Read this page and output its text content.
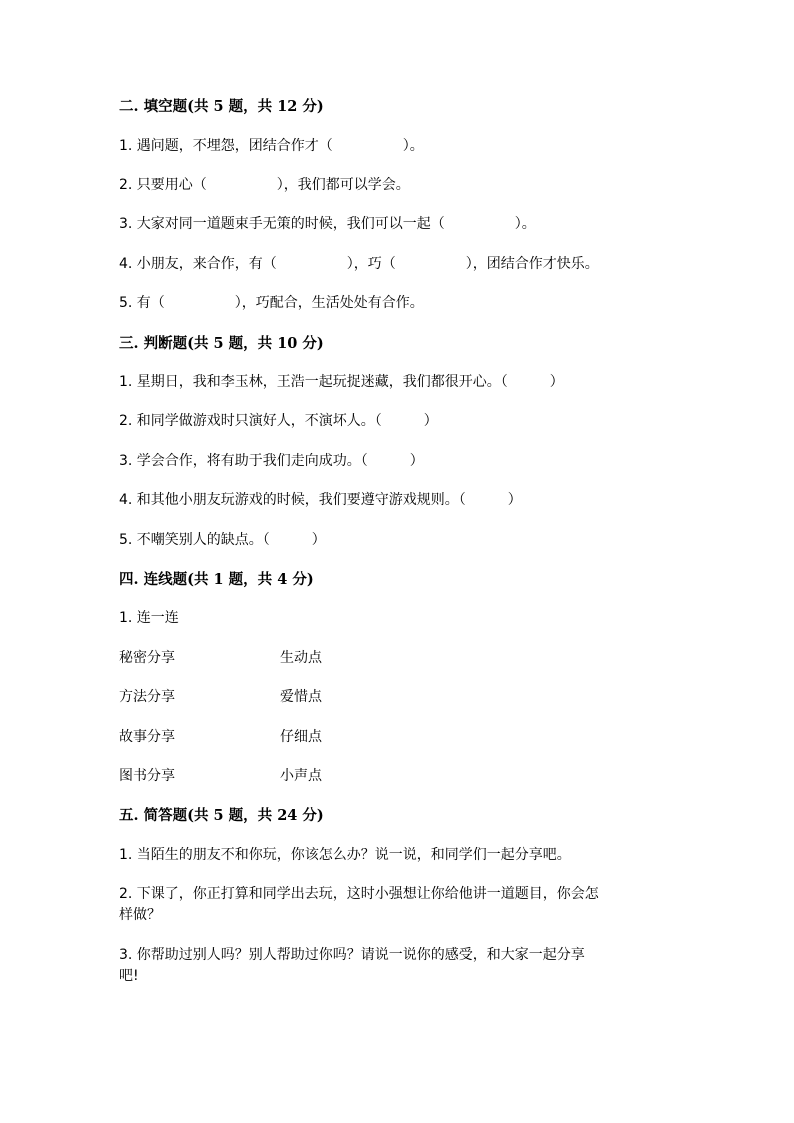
二. 填空题(共 5 题，共 12 分)
1. 遇问题，不埋怨，团结合作才（　　　　　）。
2. 只要用心（　　　　　），我们都可以学会。
3. 大家对同一道题束手无策的时候，我们可以一起（　　　　　）。
4. 小朋友，来合作，有（　　　　　），巧（　　　　　），团结合作才快乐。
5. 有（　　　　　），巧配合，生活处处有合作。
三. 判断题(共 5 题，共 10 分)
1. 星期日，我和李玉林，王浩一起玩捉迷藏，我们都很开心。（　　　）
2. 和同学做游戏时只演好人，不演坏人。（　　　）
3. 学会合作，将有助于我们走向成功。（　　　）
4. 和其他小朋友玩游戏的时候，我们要遵守游戏规则。（　　　）
5. 不嘲笑别人的缺点。（　　　）
四. 连线题(共 1 题，共 4 分)
1. 连一连
秘密分享	生动点
方法分享	爱惜点
故事分享	仔细点
图书分享	小声点
五. 简答题(共 5 题，共 24 分)
1. 当陌生的朋友不和你玩，你该怎么办？说一说，和同学们一起分享吧。
2. 下课了，你正打算和同学出去玩，这时小强想让你给他讲一道题目，你会怎
样做？
3. 你帮助过别人吗？别人帮助过你吗？请说一说你的感受，和大家一起分享
吧!
